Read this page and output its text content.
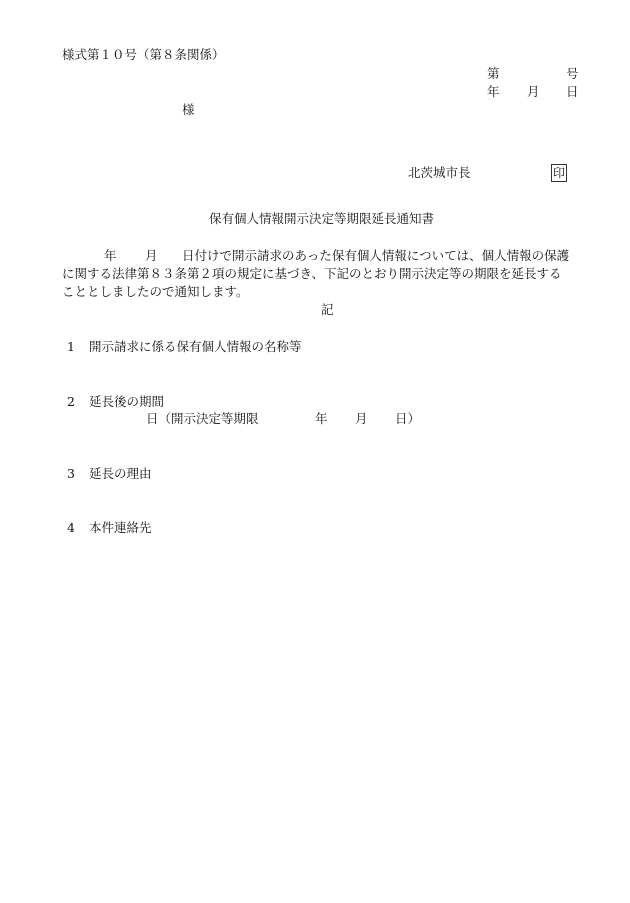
様式第１０号（第８条関係）
第	号
年 月 日
様
北茨城市長	印
保有個人情報開示決定等期限延長通知書
年 月 日付けで開示請求のあった保有個人情報については、個人情報の保護
に関する法律第８３条第２項の規定に基づき、下記のとおり開示決定等の期限を延長する
こととしましたので通知します。
記
1 開示請求に係る保有個人情報の名称等
2 延長後の期間
日（開示決定等期限	年 月 日）
3 延長の理由
4 本件連絡先
